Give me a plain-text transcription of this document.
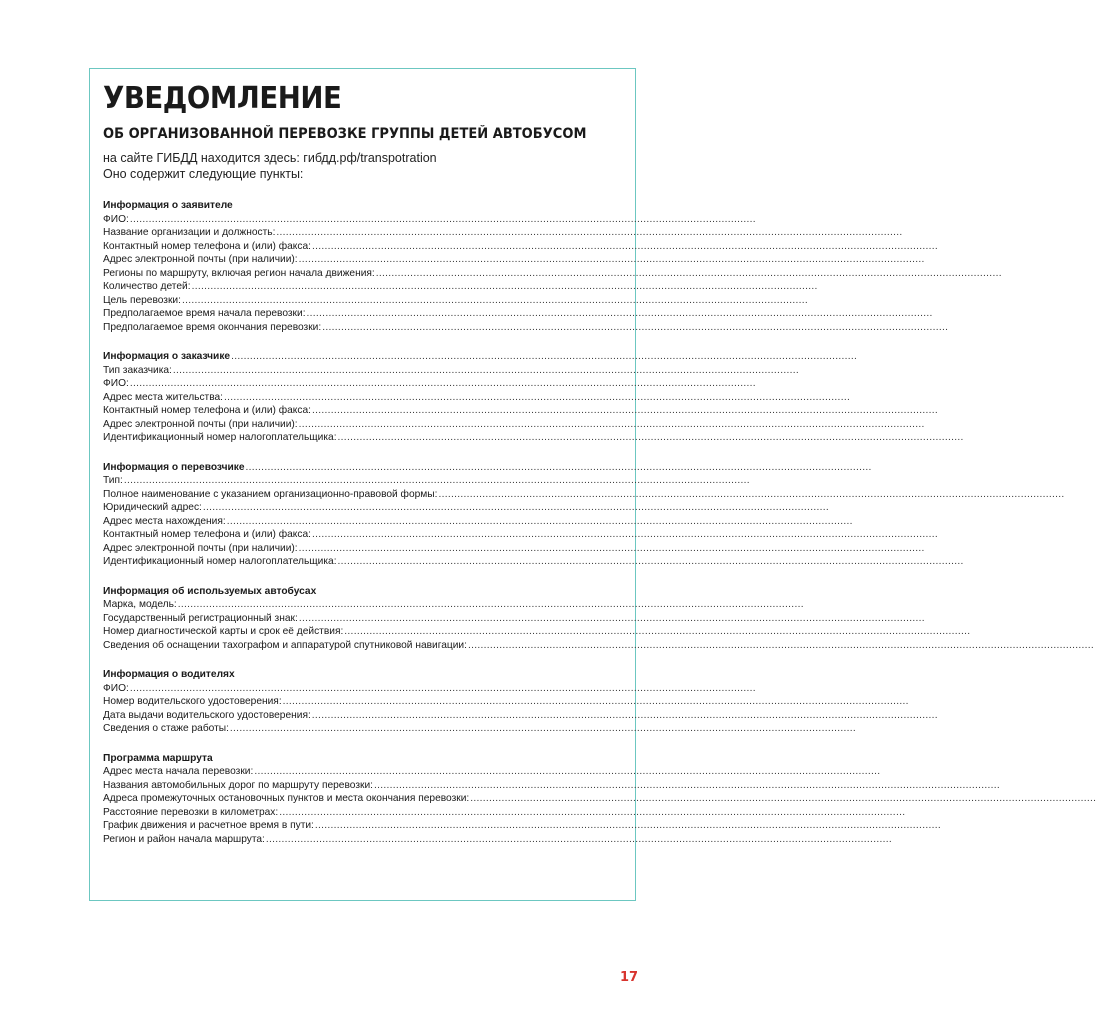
УВЕДОМЛЕНИЕ
ОБ ОРГАНИЗОВАННОЙ ПЕРЕВОЗКЕ ГРУППЫ ДЕТЕЙ АВТОБУСОМ
на сайте ГИБДД находится здесь: гибдд.рф/transpotration
Оно содержит следующие пункты:
Информация о заявителе
ФИО: ........................................................................................................................................................................................................
Название организации и должность: ........................................................................................................................................................................................................
Контактный номер телефона и (или) факса: ........................................................................................................................................................................................................
Адрес электронной почты (при наличии): ........................................................................................................................................................................................................
Регионы по маршруту, включая регион начала движения: ........................................................................................................................................................................................................
Количество детей: ........................................................................................................................................................................................................
Цель перевозки: ........................................................................................................................................................................................................
Предполагаемое время начала перевозки: ........................................................................................................................................................................................................
Предполагаемое время окончания перевозки: ........................................................................................................................................................................................................
Информация о заказчике ........................................................................................................................................................................................................
Тип заказчика: ........................................................................................................................................................................................................
ФИО: ........................................................................................................................................................................................................
Адрес места жительства: ........................................................................................................................................................................................................
Контактный номер телефона и (или) факса: ........................................................................................................................................................................................................
Адрес электронной почты (при наличии): ........................................................................................................................................................................................................
Идентификационный номер налогоплательщика: ........................................................................................................................................................................................................
Информация о перевозчике ........................................................................................................................................................................................................
Тип: ........................................................................................................................................................................................................
Полное наименование с указанием организационно-правовой формы: ........................................................................................................................................................................................................
Юридический адрес: ........................................................................................................................................................................................................
Адрес места нахождения: ........................................................................................................................................................................................................
Контактный номер телефона и (или) факса: ........................................................................................................................................................................................................
Адрес электронной почты (при наличии): ........................................................................................................................................................................................................
Идентификационный номер налогоплательщика: ........................................................................................................................................................................................................
Информация об используемых автобусах
Марка, модель: ........................................................................................................................................................................................................
Государственный регистрационный знак: ........................................................................................................................................................................................................
Номер диагностической карты и срок её действия: ........................................................................................................................................................................................................
Сведения об оснащении тахографом и аппаратурой спутниковой навигации: ........................................................................................................................................................................................................
Информация о водителях
ФИО: ........................................................................................................................................................................................................
Номер водительского удостоверения: ........................................................................................................................................................................................................
Дата выдачи водительского удостоверения: ........................................................................................................................................................................................................
Сведения о стаже работы: ........................................................................................................................................................................................................
Программа маршрута
Адрес места начала перевозки: ........................................................................................................................................................................................................
Названия автомобильных дорог по маршруту перевозки: ........................................................................................................................................................................................................
Адреса промежуточных остановочных пунктов и места окончания перевозки: ........................................................................................................................................................................................................
Расстояние перевозки в километрах: ........................................................................................................................................................................................................
График движения и расчетное время в пути: ........................................................................................................................................................................................................
Регион и район начала маршрута: ........................................................................................................................................................................................................
17
